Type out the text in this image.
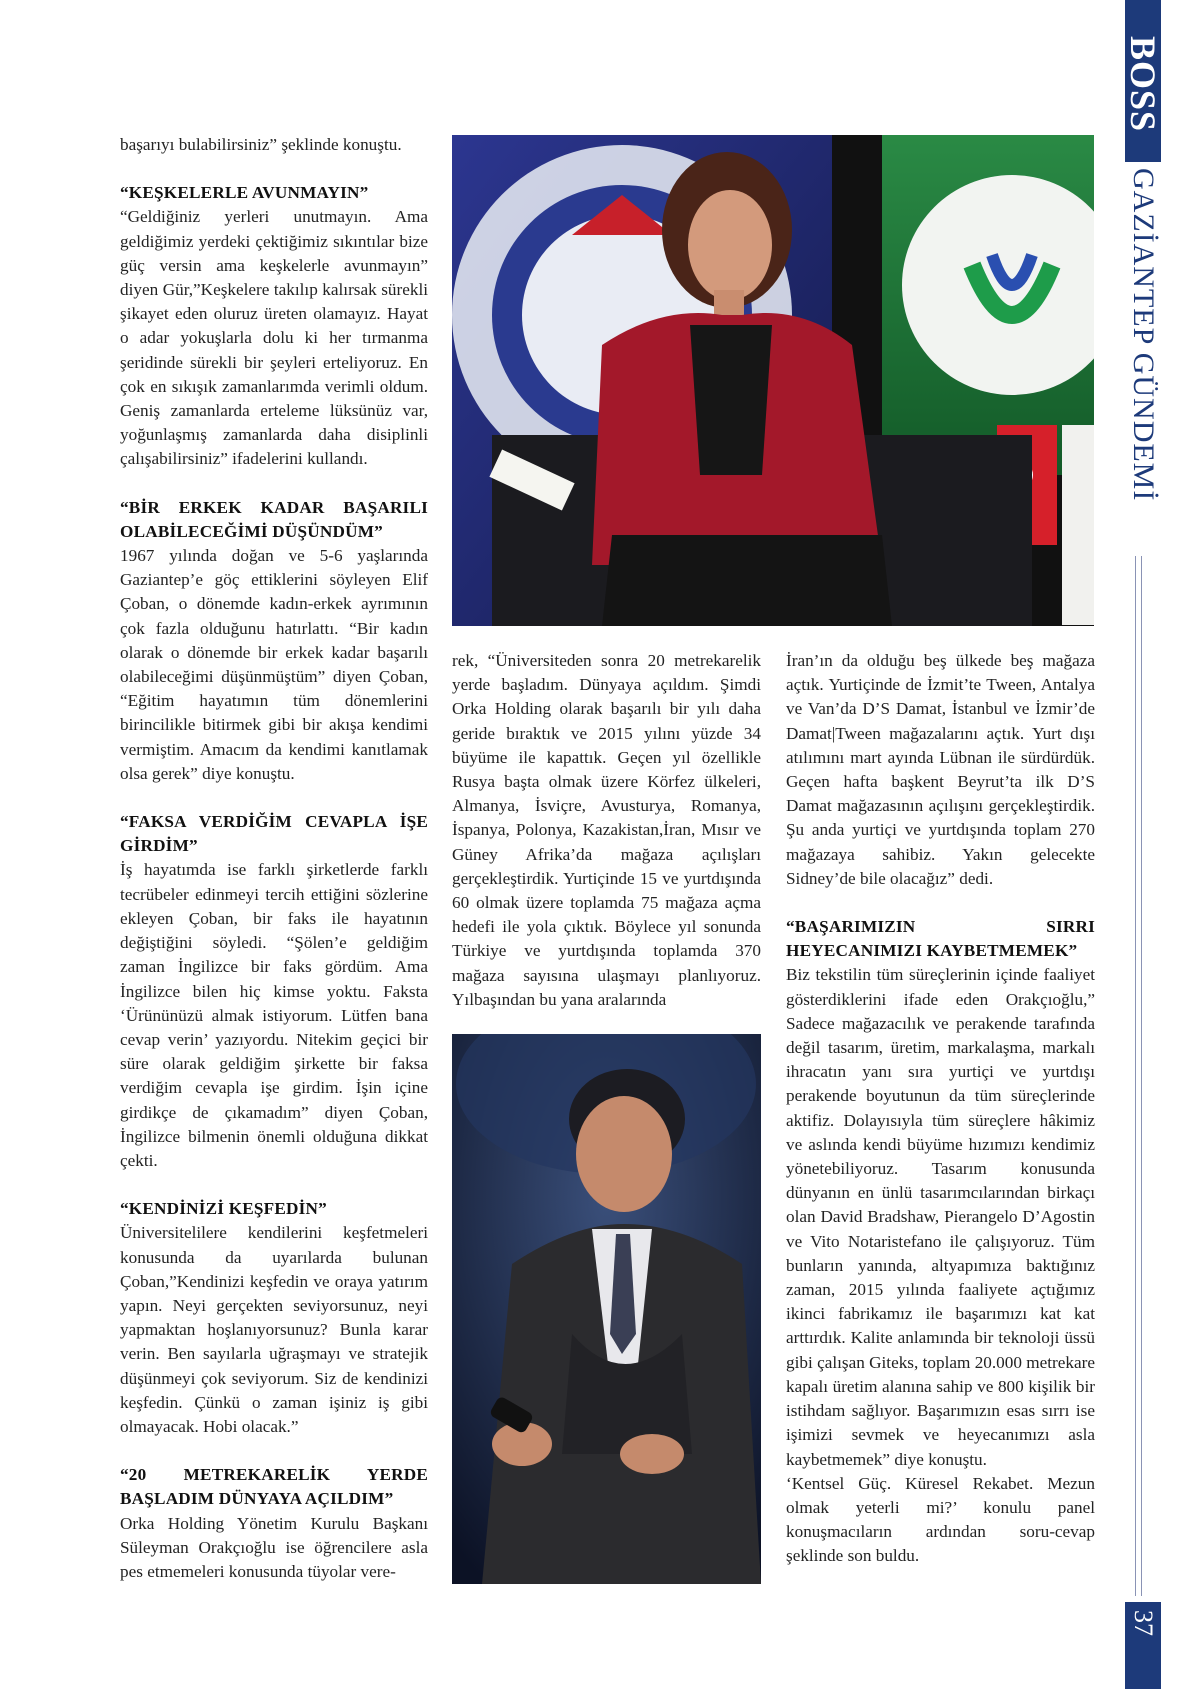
başarıyı bulabilirsiniz” şeklinde konuştu.

“KEŞKELERLE AVUNMAYIN”

“Geldiğiniz yerleri unutmayın. Ama geldiğimiz yerdeki çektiğimiz sıkıntılar bize güç versin ama keşkelerle avunmayın” diyen Gür,”Keşkelere takılıp kalırsak sürekli şikayet eden oluruz üreten olamayız. Hayat o adar yokuşlarla dolu ki her tırmanma şeridinde sürekli bir şeyleri erteliyoruz. En çok en sıkışık zamanlarımda verimli oldum. Geniş zamanlarda erteleme lüksünüz var, yoğunlaşmış zamanlarda daha disiplinli çalışabilirsiniz” ifadelerini kullandı.

“BİR ERKEK KADAR BAŞARILI OLABİLECEĞİMİ DÜŞÜNDÜM”

1967 yılında doğan ve 5-6 yaşlarında Gaziantep’e göç ettiklerini söyleyen Elif Çoban, o dönemde kadın-erkek ayrımının çok fazla olduğunu hatırlattı. “Bir kadın olarak o dönemde bir erkek kadar başarılı olabileceğimi düşünmüştüm” diyen Çoban, “Eğitim hayatımın tüm dönemlerini birincilikle bitirmek gibi bir akışa kendimi vermiştim. Amacım da kendimi kanıtlamak olsa gerek” diye konuştu.

“FAKSA VERDİĞİM CEVAPLA İŞE GİRDİM”

İş hayatımda ise farklı şirketlerde farklı tecrübeler edinmeyi tercih ettiğini sözlerine ekleyen Çoban, bir faks ile hayatının değiştiğini söyledi. “Şölen’e geldiğim zaman İngilizce bir faks gördüm. Ama İngilizce bilen hiç kimse yoktu. Faksta ‘Ürününüzü almak istiyorum. Lütfen bana cevap verin’ yazıyordu. Nitekim geçici bir süre olarak geldiğim şirkette bir faksa verdiğim cevapla işe girdim. İşin içine girdikçe de çıkamadım” diyen Çoban, İngilizce bilmenin önemli olduğuna dikkat çekti.

“KENDİNİZİ KEŞFEDİN”

Üniversitelilere kendilerini keşfetmeleri konusunda da uyarılarda bulunan Çoban,”Kendinizi keşfedin ve oraya yatırım yapın. Neyi gerçekten seviyorsunuz, neyi yapmaktan hoşlanıyorsunuz? Bunla karar verin. Ben sayılarla uğraşmayı ve stratejik düşünmeyi çok seviyorum. Siz de kendinizi keşfedin. Çünkü o zaman işiniz iş gibi olmayacak. Hobi olacak.”

“20 METREKARELİK YERDE BAŞLADIM DÜNYAYA AÇILDIM”

Orka Holding Yönetim Kurulu Başkanı Süleyman Orakçıoğlu ise öğrencilere asla pes etmemeleri konusunda tüyolar vere-

rek, “Üniversiteden sonra 20 metrekarelik yerde başladım. Dünyaya açıldım. Şimdi Orka Holding olarak başarılı bir yılı daha geride bıraktık ve 2015 yılını yüzde 34 büyüme ile kapattık. Geçen yıl özellikle Rusya başta olmak üzere Körfez ülkeleri, Almanya, İsviçre, Avusturya, Romanya, İspanya, Polonya, Kazakistan,İran, Mısır ve Güney Afrika’da mağaza açılışları gerçekleştirdik. Yurtiçinde 15 ve yurtdışında 60 olmak üzere toplamda 75 mağaza açma hedefi ile yola çıktık. Böylece yıl sonunda Türkiye ve yurtdışında toplamda 370 mağaza sayısına ulaşmayı planlıyoruz. Yılbaşından bu yana aralarında

İran’ın da olduğu beş ülkede beş mağaza açtık. Yurtiçinde de İzmit’te Tween, Antalya ve Van’da D’S Damat, İstanbul ve İzmir’de Damat|Tween mağazalarını açtık. Yurt dışı atılımını mart ayında Lübnan ile sürdürdük. Geçen hafta başkent Beyrut’ta ilk D’S Damat mağazasının açılışını gerçekleştirdik. Şu anda yurtiçi ve yurtdışında toplam 270 mağazaya sahibiz. Yakın gelecekte Sidney’de bile olacağız” dedi.

“BAŞARIMIZIN SIRRI HEYECANIMIZI KAYBETMEMEK”

Biz tekstilin tüm süreçlerinin içinde faaliyet gösterdiklerini ifade eden Orakçıoğlu,” Sadece mağazacılık ve perakende tarafında değil tasarım, üretim, markalaşma, markalı ihracatın yanı sıra yurtiçi ve yurtdışı perakende boyutunun da tüm süreçlerinde aktifiz. Dolayısıyla tüm süreçlere hâkimiz ve aslında kendi büyüme hızımızı kendimiz yönetebiliyoruz. Tasarım konusunda dünyanın en ünlü tasarımcılarından birkaçı olan David Bradshaw, Pierangelo D’Agostin ve Vito Notaristefano ile çalışıyoruz. Tüm bunların yanında, altyapımıza baktığınız zaman, 2015 yılında faaliyete açtığımız ikinci fabrikamız ile başarımızı kat kat arttırdık. Kalite anlamında bir teknoloji üssü gibi çalışan Giteks, toplam 20.000 metrekare kapalı üretim alanına sahip ve 800 kişilik bir istihdam sağlıyor. Başarımızın esas sırrı ise işimizi sevmek ve heyecanımızı asla kaybetmemek” diye konuştu.

‘Kentsel Güç. Küresel Rekabet. Mezun olmak yeterli mi?’ konulu panel konuşmacıların ardından soru-cevap şeklinde son buldu.

BOSS
GAZİANTEP GÜNDEMİ
37
